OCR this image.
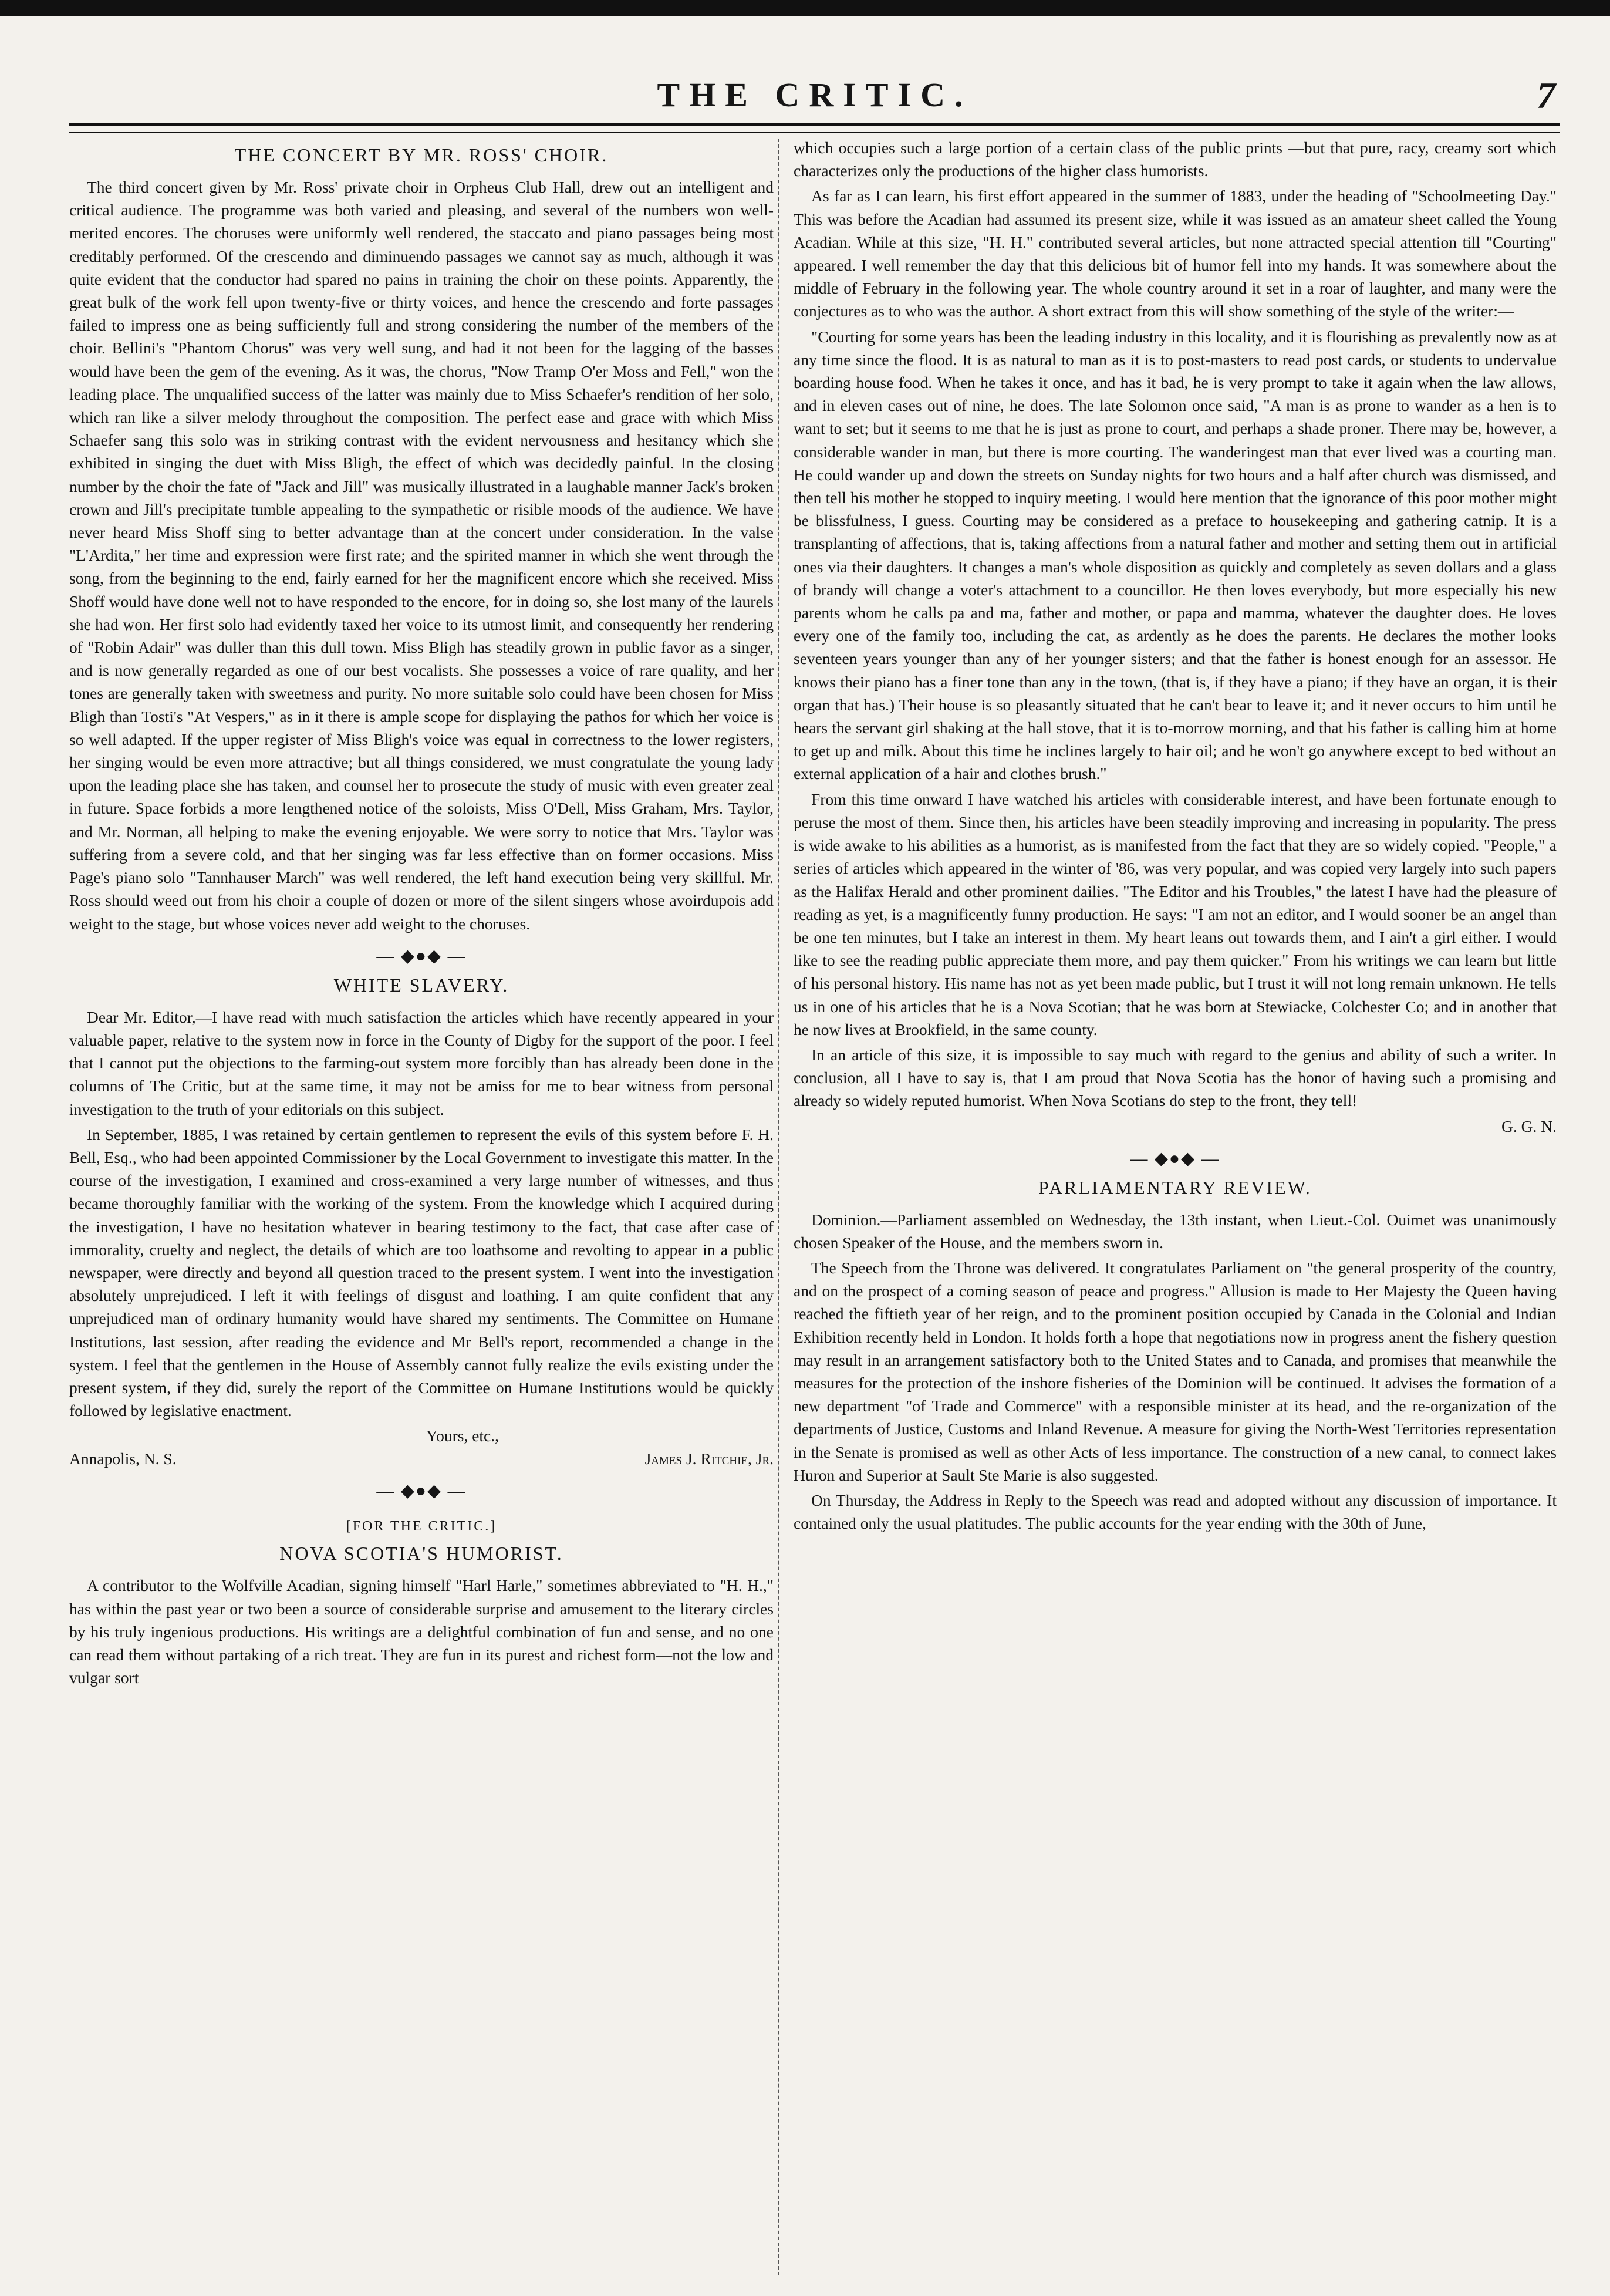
THE CRITIC.	7
THE CONCERT BY MR. ROSS' CHOIR.

The third concert given by Mr. Ross' private choir in Orpheus Club Hall, drew out an intelligent and critical audience. The programme was both varied and pleasing, and several of the numbers won well-merited encores. The choruses were uniformly well rendered, the staccato and piano passages being most creditably performed. Of the crescendo and diminuendo passages we cannot say as much, although it was quite evident that the conductor had spared no pains in training the choir on these points. Apparently, the great bulk of the work fell upon twenty-five or thirty voices, and hence the crescendo and forte passages failed to impress one as being sufficiently full and strong considering the number of the members of the choir. Bellini's "Phantom Chorus" was very well sung, and had it not been for the lagging of the basses would have been the gem of the evening. As it was, the chorus, "Now Tramp O'er Moss and Fell," won the leading place. The unqualified success of the latter was mainly due to Miss Schaefer's rendition of her solo, which ran like a silver melody throughout the composition. The perfect ease and grace with which Miss Schaefer sang this solo was in striking contrast with the evident nervousness and hesitancy which she exhibited in singing the duet with Miss Bligh, the effect of which was decidedly painful. In the closing number by the choir the fate of "Jack and Jill" was musically illustrated in a laughable manner Jack's broken crown and Jill's precipitate tumble appealing to the sympathetic or risible moods of the audience. We have never heard Miss Shoff sing to better advantage than at the concert under consideration. In the valse "L'Ardita," her time and expression were first rate; and the spirited manner in which she went through the song, from the beginning to the end, fairly earned for her the magnificent encore which she received. Miss Shoff would have done well not to have responded to the encore, for in doing so, she lost many of the laurels she had won. Her first solo had evidently taxed her voice to its utmost limit, and consequently her rendering of "Robin Adair" was duller than this dull town. Miss Bligh has steadily grown in public favor as a singer, and is now generally regarded as one of our best vocalists. She possesses a voice of rare quality, and her tones are generally taken with sweetness and purity. No more suitable solo could have been chosen for Miss Bligh than Tosti's "At Vespers," as in it there is ample scope for displaying the pathos for which her voice is so well adapted. If the upper register of Miss Bligh's voice was equal in correctness to the lower registers, her singing would be even more attractive; but all things considered, we must congratulate the young lady upon the leading place she has taken, and counsel her to prosecute the study of music with even greater zeal in future. Space forbids a more lengthened notice of the soloists, Miss O'Dell, Miss Graham, Mrs. Taylor, and Mr. Norman, all helping to make the evening enjoyable. We were sorry to notice that Mrs. Taylor was suffering from a severe cold, and that her singing was far less effective than on former occasions. Miss Page's piano solo "Tannhauser March" was well rendered, the left hand execution being very skillful. Mr. Ross should weed out from his choir a couple of dozen or more of the silent singers whose avoirdupois add weight to the stage, but whose voices never add weight to the choruses.

— ◆●◆ —
WHITE SLAVERY.

Dear Mr. Editor,—I have read with much satisfaction the articles which have recently appeared in your valuable paper, relative to the system now in force in the County of Digby for the support of the poor. I feel that I cannot put the objections to the farming-out system more forcibly than has already been done in the columns of The Critic, but at the same time, it may not be amiss for me to bear witness from personal investigation to the truth of your editorials on this subject.

In September, 1885, I was retained by certain gentlemen to represent the evils of this system before F. H. Bell, Esq., who had been appointed Commissioner by the Local Government to investigate this matter. In the course of the investigation, I examined and cross-examined a very large number of witnesses, and thus became thoroughly familiar with the working of the system. From the knowledge which I acquired during the investigation, I have no hesitation whatever in bearing testimony to the fact, that case after case of immorality, cruelty and neglect, the details of which are too loathsome and revolting to appear in a public newspaper, were directly and beyond all question traced to the present system. I went into the investigation absolutely unprejudiced. I left it with feelings of disgust and loathing. I am quite confident that any unprejudiced man of ordinary humanity would have shared my sentiments. The Committee on Humane Institutions, last session, after reading the evidence and Mr Bell's report, recommended a change in the system. I feel that the gentlemen in the House of Assembly cannot fully realize the evils existing under the present system, if they did, surely the report of the Committee on Humane Institutions would be quickly followed by legislative enactment.

Yours, etc.,
Annapolis, N. S.	James J. Ritchie, Jr.
— ◆●◆ —
[FOR THE CRITIC.]
NOVA SCOTIA'S HUMORIST.

A contributor to the Wolfville Acadian, signing himself "Harl Harle," sometimes abbreviated to "H. H.," has within the past year or two been a source of considerable surprise and amusement to the literary circles by his truly ingenious productions. His writings are a delightful combination of fun and sense, and no one can read them without partaking of a rich treat. They are fun in its purest and richest form—not the low and vulgar sort

which occupies such a large portion of a certain class of the public prints —but that pure, racy, creamy sort which characterizes only the productions of the higher class humorists.

As far as I can learn, his first effort appeared in the summer of 1883, under the heading of "Schoolmeeting Day." This was before the Acadian had assumed its present size, while it was issued as an amateur sheet called the Young Acadian. While at this size, "H. H." contributed several articles, but none attracted special attention till "Courting" appeared. I well remember the day that this delicious bit of humor fell into my hands. It was somewhere about the middle of February in the following year. The whole country around it set in a roar of laughter, and many were the conjectures as to who was the author. A short extract from this will show something of the style of the writer:—

"Courting for some years has been the leading industry in this locality, and it is flourishing as prevalently now as at any time since the flood. It is as natural to man as it is to post-masters to read post cards, or students to undervalue boarding house food. When he takes it once, and has it bad, he is very prompt to take it again when the law allows, and in eleven cases out of nine, he does. The late Solomon once said, "A man is as prone to wander as a hen is to want to set; but it seems to me that he is just as prone to court, and perhaps a shade proner. There may be, however, a considerable wander in man, but there is more courting. The wanderingest man that ever lived was a courting man. He could wander up and down the streets on Sunday nights for two hours and a half after church was dismissed, and then tell his mother he stopped to inquiry meeting. I would here mention that the ignorance of this poor mother might be blissfulness, I guess. Courting may be considered as a preface to housekeeping and gathering catnip. It is a transplanting of affections, that is, taking affections from a natural father and mother and setting them out in artificial ones via their daughters. It changes a man's whole disposition as quickly and completely as seven dollars and a glass of brandy will change a voter's attachment to a councillor. He then loves everybody, but more especially his new parents whom he calls pa and ma, father and mother, or papa and mamma, whatever the daughter does. He loves every one of the family too, including the cat, as ardently as he does the parents. He declares the mother looks seventeen years younger than any of her younger sisters; and that the father is honest enough for an assessor. He knows their piano has a finer tone than any in the town, (that is, if they have a piano; if they have an organ, it is their organ that has.) Their house is so pleasantly situated that he can't bear to leave it; and it never occurs to him until he hears the servant girl shaking at the hall stove, that it is to-morrow morning, and that his father is calling him at home to get up and milk. About this time he inclines largely to hair oil; and he won't go anywhere except to bed without an external application of a hair and clothes brush."

From this time onward I have watched his articles with considerable interest, and have been fortunate enough to peruse the most of them. Since then, his articles have been steadily improving and increasing in popularity. The press is wide awake to his abilities as a humorist, as is manifested from the fact that they are so widely copied. "People," a series of articles which appeared in the winter of '86, was very popular, and was copied very largely into such papers as the Halifax Herald and other prominent dailies. "The Editor and his Troubles," the latest I have had the pleasure of reading as yet, is a magnificently funny production. He says: "I am not an editor, and I would sooner be an angel than be one ten minutes, but I take an interest in them. My heart leans out towards them, and I ain't a girl either. I would like to see the reading public appreciate them more, and pay them quicker." From his writings we can learn but little of his personal history. His name has not as yet been made public, but I trust it will not long remain unknown. He tells us in one of his articles that he is a Nova Scotian; that he was born at Stewiacke, Colchester Co; and in another that he now lives at Brookfield, in the same county.

In an article of this size, it is impossible to say much with regard to the genius and ability of such a writer. In conclusion, all I have to say is, that I am proud that Nova Scotia has the honor of having such a promising and already so widely reputed humorist. When Nova Scotians do step to the front, they tell!

G. G. N.
— ◆●◆ —
PARLIAMENTARY REVIEW.

Dominion.—Parliament assembled on Wednesday, the 13th instant, when Lieut.-Col. Ouimet was unanimously chosen Speaker of the House, and the members sworn in.

The Speech from the Throne was delivered. It congratulates Parliament on "the general prosperity of the country, and on the prospect of a coming season of peace and progress." Allusion is made to Her Majesty the Queen having reached the fiftieth year of her reign, and to the prominent position occupied by Canada in the Colonial and Indian Exhibition recently held in London. It holds forth a hope that negotiations now in progress anent the fishery question may result in an arrangement satisfactory both to the United States and to Canada, and promises that meanwhile the measures for the protection of the inshore fisheries of the Dominion will be continued. It advises the formation of a new department "of Trade and Commerce" with a responsible minister at its head, and the re-organization of the departments of Justice, Customs and Inland Revenue. A measure for giving the North-West Territories representation in the Senate is promised as well as other Acts of less importance. The construction of a new canal, to connect lakes Huron and Superior at Sault Ste Marie is also suggested.

On Thursday, the Address in Reply to the Speech was read and adopted without any discussion of importance. It contained only the usual platitudes. The public accounts for the year ending with the 30th of June,
